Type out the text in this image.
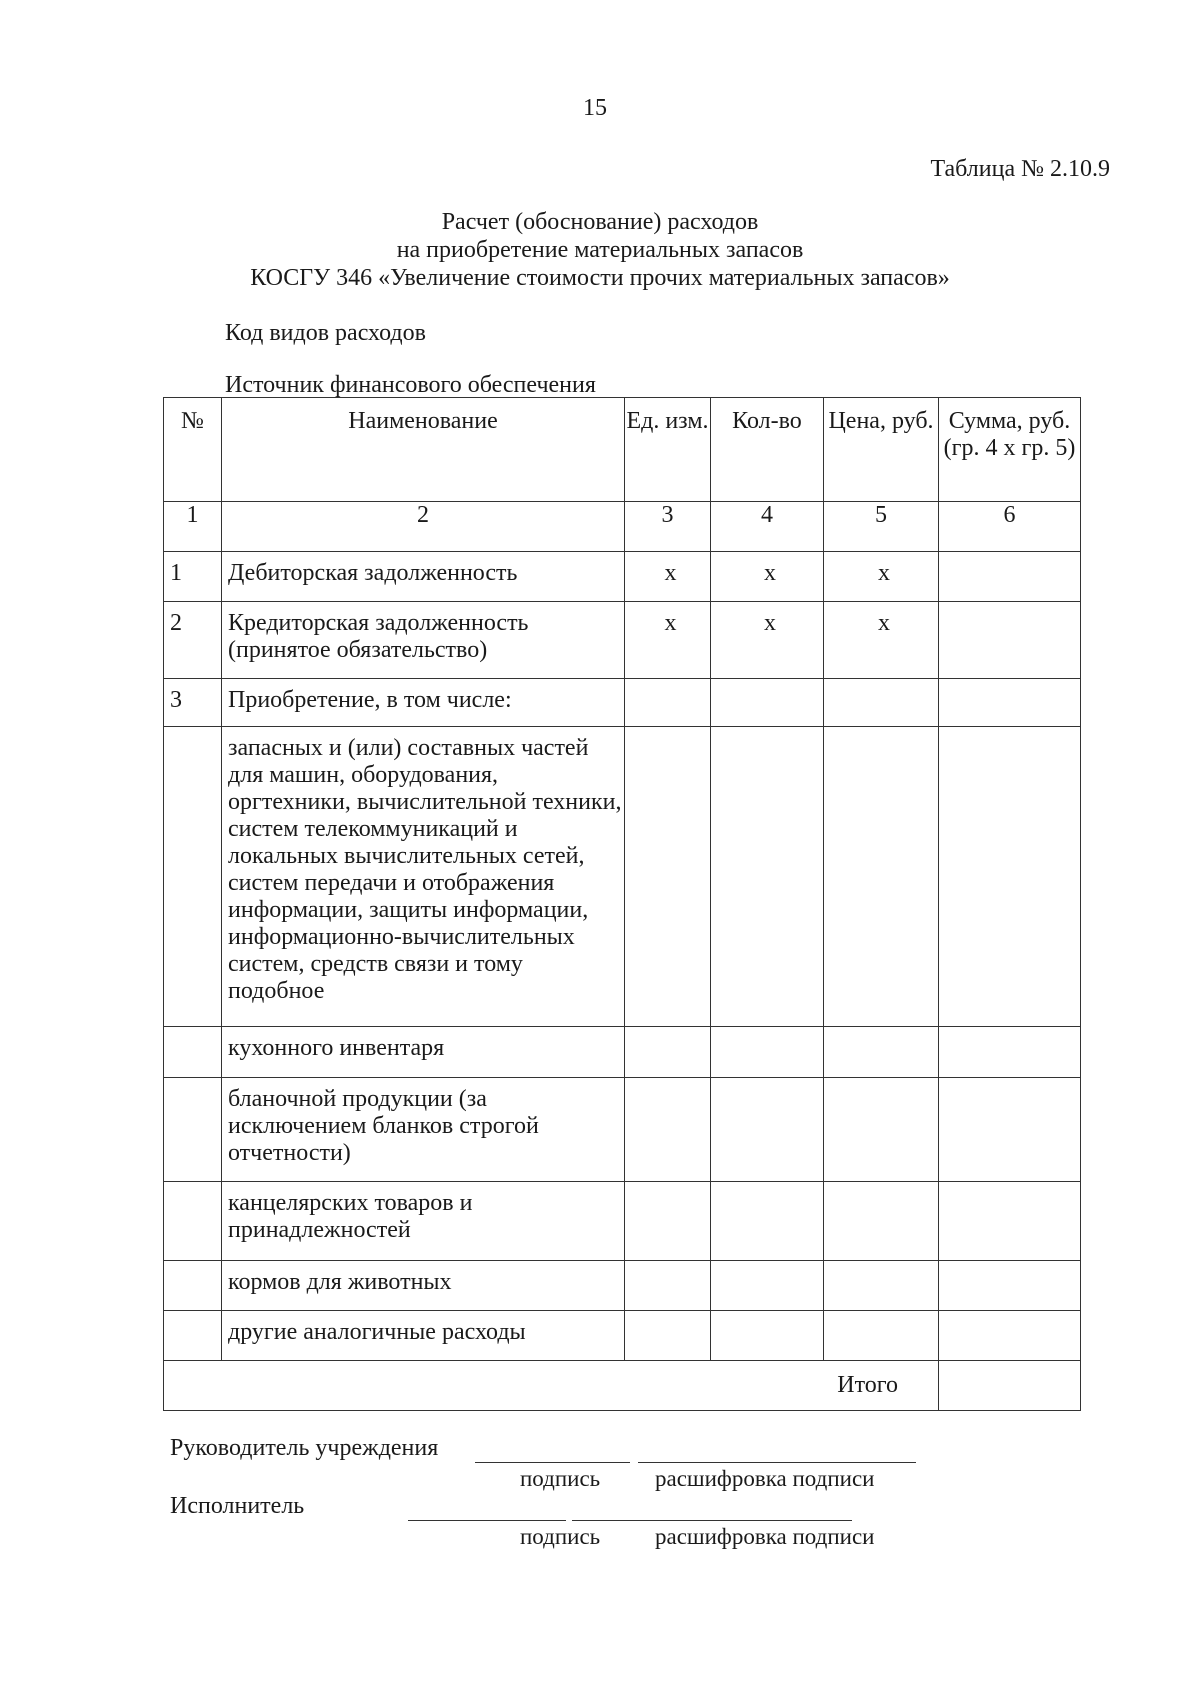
15
Таблица № 2.10.9
Расчет (обоснование) расходов
на приобретение материальных запасов
КОСГУ 346 «Увеличение стоимости прочих материальных запасов»
Код видов расходов
Источник финансового обеспечения
№	Наименование	Ед. изм.	Кол-во	Цена, руб.	Сумма, руб. (гр. 4 х гр. 5)
1	2	3	4	5	6
1	Дебиторская задолженность	х	х	х	
2	Кредиторская задолженность (принятое обязательство)	х	х	х	
3	Приобретение, в том числе:				
	запасных и (или) составных частей для машин, оборудования, оргтехники, вычислительной техники, систем телекоммуникаций и локальных вычислительных сетей, систем передачи и отображения информации, защиты информации, информационно-вычислительных систем, средств связи и тому подобное				
	кухонного инвентаря				
	бланочной продукции (за исключением бланков строгой отчетности)				
	канцелярских товаров и принадлежностей				
	кормов для животных				
	другие аналогичные расходы				
Итого					
Руководитель учреждения
подпись расшифровка подписи
Исполнитель
подпись расшифровка подписи
